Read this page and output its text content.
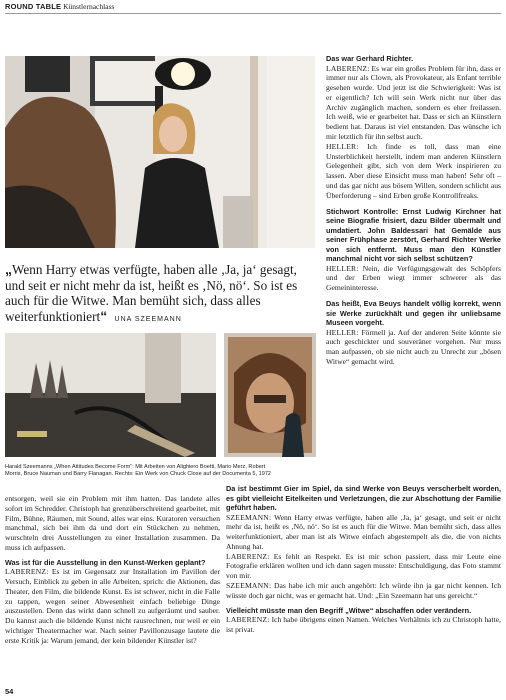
ROUND TABLE Künstlernachlass

Das war Gerhard Richter.

LABERENZ: Es war ein großes Problem für ihn, dass er immer nur als Clown, als Provokateur, als Enfant terrible gesehen wurde. Und jetzt ist die Schwierigkeit: Was ist er eigentlich? Ich will sein Werk nicht nur über das Archiv zugänglich machen, sondern es eher freilassen. Ich weiß, wie er gearbeitet hat. Dass er sich an Künstlern bedient hat. Daraus ist viel entstanden. Das wünsche ich mir letztlich für ihn selbst auch.

HELLER: Ich finde es toll, dass man eine Unsterblichkeit herstellt, indem man anderen Künstlern Gelegenheit gibt, sich von dem Werk inspirieren zu lassen. Aber diese Einsicht muss man haben! Sehr oft – und das gar nicht aus bösem Willen, sondern schlicht aus Überforderung – sind Erben große Kontrollfreaks.

Stichwort Kontrolle: Ernst Ludwig Kirchner hat seine Biografie frisiert, dazu Bilder übermalt und umdatiert. John Baldessari hat Gemälde aus seiner Frühphase zerstört, Gerhard Richter Werke von sich entfernt. Muss man den Künstler manchmal nicht vor sich selbst schützen?

HELLER: Nein, die Verfügungsgewalt des Schöpfers und der Erben wiegt immer schwerer als das Gemeininteresse.

Das heißt, Eva Beuys handelt völlig korrekt, wenn sie Werke zurückhält und gegen ihr unliebsame Museen vorgeht.

HELLER: Förmell ja. Auf der anderen Seite könnte sie auch geschickter und souveräner vorgehen. Nur muss man aufpassen, ob sie nicht auch zu Unrecht zur „bösen Witwe“ gemacht wird.

„Wenn Harry etwas verfügte, haben alle ‚Ja, ja‘ gesagt, und seit er nicht mehr da ist, heißt es ‚Nö, nö‘. So ist es auch für die Witwe. Man bemüht sich, dass alles weiterfunktioniert“ UNA SZEEMANN
Harald Szeemanns „When Attitudes Become Form“: Mit Arbeiten von Alighiero Boetti, Mario Merz, Robert Morris, Bruce Nauman und Barry Flanagan. Rechts: Ein Werk von Chuck Close auf der Documenta 5, 1972

entsorgen, weil sie ein Problem mit ihm hatten. Das landete alles sofort im Schredder. Christoph hat grenzüberschreitend gearbeitet, mit Film, Bühne, Räumen, mit Sound, alles war eins. Kuratoren versuchen manchmal, sich bei ihm da und dort ein Stückchen zu nehmen, wurschteln drei Ausstellungen zu einer Installation zusammen. Da muss ich aufpassen.

Was ist für die Ausstellung in den Kunst-Werken geplant?

LABERENZ: Es ist im Gegensatz zur Installation im Pavillon der Versuch, Einblick zu geben in alle Arbeiten, sprich: die Aktionen, das Theater, den Film, die bildende Kunst. Es ist schwer, nicht in die Falle zu tappen, wegen seiner Abwesenheit einfach beliebige Dinge auszustellen. Denn das wirkt dann schnell zu aufgeräumt und sauber. Du kannst auch die bildende Kunst nicht rausrechnen, nur weil er ein wichtiger Theatermacher war. Nach seiner Pavillonzusage lautete die erste Kritik ja: Warum jemand, der kein bildender Künstler ist?

Da ist bestimmt Gier im Spiel, da sind Werke von Beuys verscherbelt worden, es gibt vielleicht Eitelkeiten und Verletzungen, die zur Abschottung der Familie geführt haben.

SZEEMANN: Wenn Harry etwas verfügte, haben alle ‚Ja, ja‘ gesagt, und seit er nicht mehr da ist, heißt es ‚Nö, nö‘. So ist es auch für die Witwe. Man bemüht sich, dass alles weiterfunktioniert, aber man ist als Witwe einfach abgestempelt als die, die von nichts Ahnung hat.

LABERENZ: Es fehlt an Respekt. Es ist mir schon passiert, dass mir Leute eine Fotografie erklären wollten und ich dann sagen musste: Entschuldigung, das Foto stammt von mir.

SZEEMANN: Das habe ich mir auch angehört: Ich würde ihn ja gar nicht kennen. Ich wüsste doch gar nicht, was er gemacht hat. Und: „Ein Szeemann hat uns gereicht.“

Vielleicht müsste man den Begriff „Witwe“ abschaffen oder verändern.

LABERENZ: Ich habe übrigens einen Namen. Welches Verhältnis ich zu Christoph hatte, ist privat.

54
